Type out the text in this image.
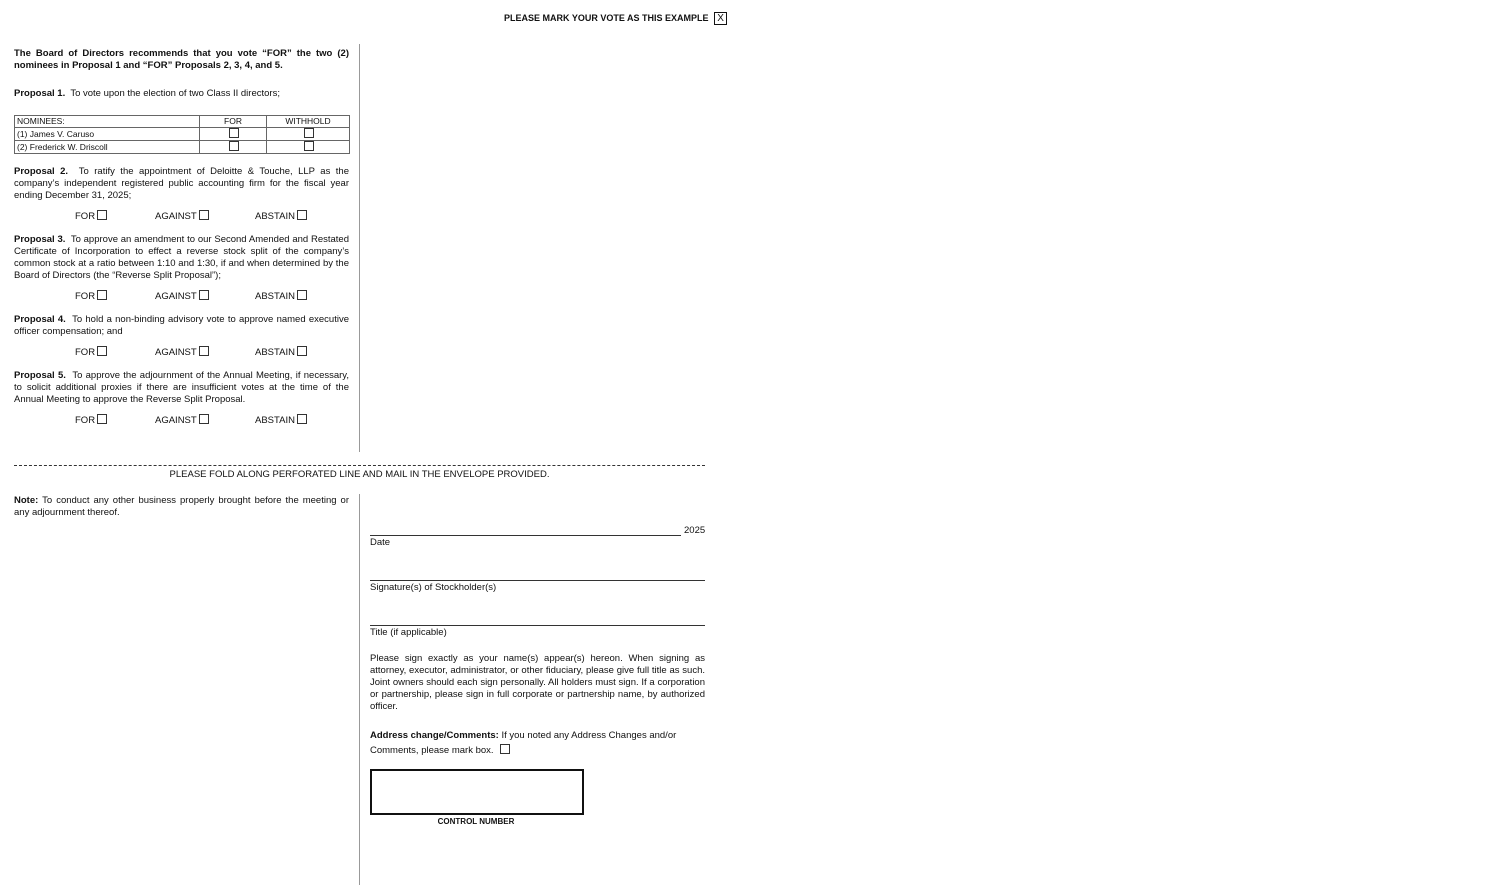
PLEASE MARK YOUR VOTE AS THIS EXAMPLE X
The Board of Directors recommends that you vote “FOR” the two (2) nominees in Proposal 1 and “FOR” Proposals 2, 3, 4, and 5.
Proposal 1. To vote upon the election of two Class II directors;
NOMINEES:	FOR	WITHHOLD
(1) James V. Caruso		
(2) Frederick W. Driscoll		
Proposal 2. To ratify the appointment of Deloitte & Touche, LLP as the company’s independent registered public accounting firm for the fiscal year ending December 31, 2025;
FOR	AGAINST	ABSTAIN
Proposal 3. To approve an amendment to our Second Amended and Restated Certificate of Incorporation to effect a reverse stock split of the company’s common stock at a ratio between 1:10 and 1:30, if and when determined by the Board of Directors (the “Reverse Split Proposal”);
FOR	AGAINST	ABSTAIN
Proposal 4. To hold a non-binding advisory vote to approve named executive officer compensation; and
FOR	AGAINST	ABSTAIN
Proposal 5. To approve the adjournment of the Annual Meeting, if necessary, to solicit additional proxies if there are insufficient votes at the time of the Annual Meeting to approve the Reverse Split Proposal.
FOR	AGAINST	ABSTAIN
PLEASE FOLD ALONG PERFORATED LINE AND MAIL IN THE ENVELOPE PROVIDED.
Note: To conduct any other business properly brought before the meeting or any adjournment thereof.
2025
Date
Signature(s) of Stockholder(s)
Title (if applicable)
Please sign exactly as your name(s) appear(s) hereon. When signing as attorney, executor, administrator, or other fiduciary, please give full title as such. Joint owners should each sign personally. All holders must sign. If a corporation or partnership, please sign in full corporate or partnership name, by authorized officer.
Address change/Comments: If you noted any Address Changes and/or Comments, please mark box.
CONTROL NUMBER
